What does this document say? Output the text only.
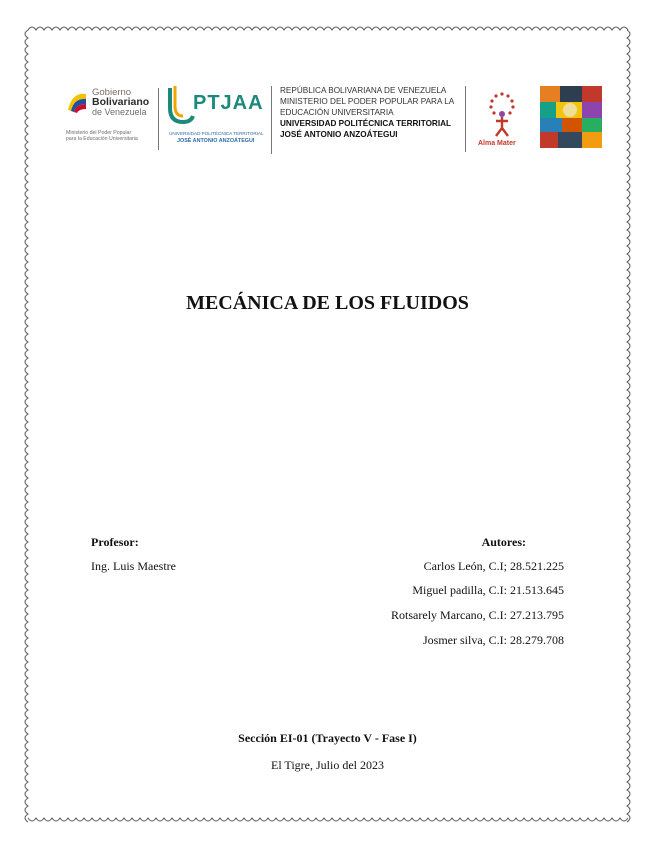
Gobierno
Bolivariano
de Venezuela
Ministerio del Poder Popular
para la Educación Universitaria
PTJAA
UNIVERSIDAD POLITÉCNICA TERRITORIAL
JOSÉ ANTONIO ANZOÁTEGUI
REPÚBLICA BOLIVARIANA DE VENEZUELA
MINISTERIO DEL PODER POPULAR PARA LA
EDUCACIÓN UNIVERSITARIA
UNIVERSIDAD POLITÉCNICA TERRITORIAL
JOSÉ ANTONIO ANZOÁTEGUI
Alma Mater
MECÁNICA DE LOS FLUIDOS
Profesor:
Ing. Luis Maestre
Autores:
Carlos León, C.I; 28.521.225
Miguel padilla, C.I: 21.513.645
Rotsarely Marcano, C.I: 27.213.795
Josmer silva, C.I: 28.279.708
Sección EI-01 (Trayecto V - Fase I)
El Tigre, Julio del 2023
